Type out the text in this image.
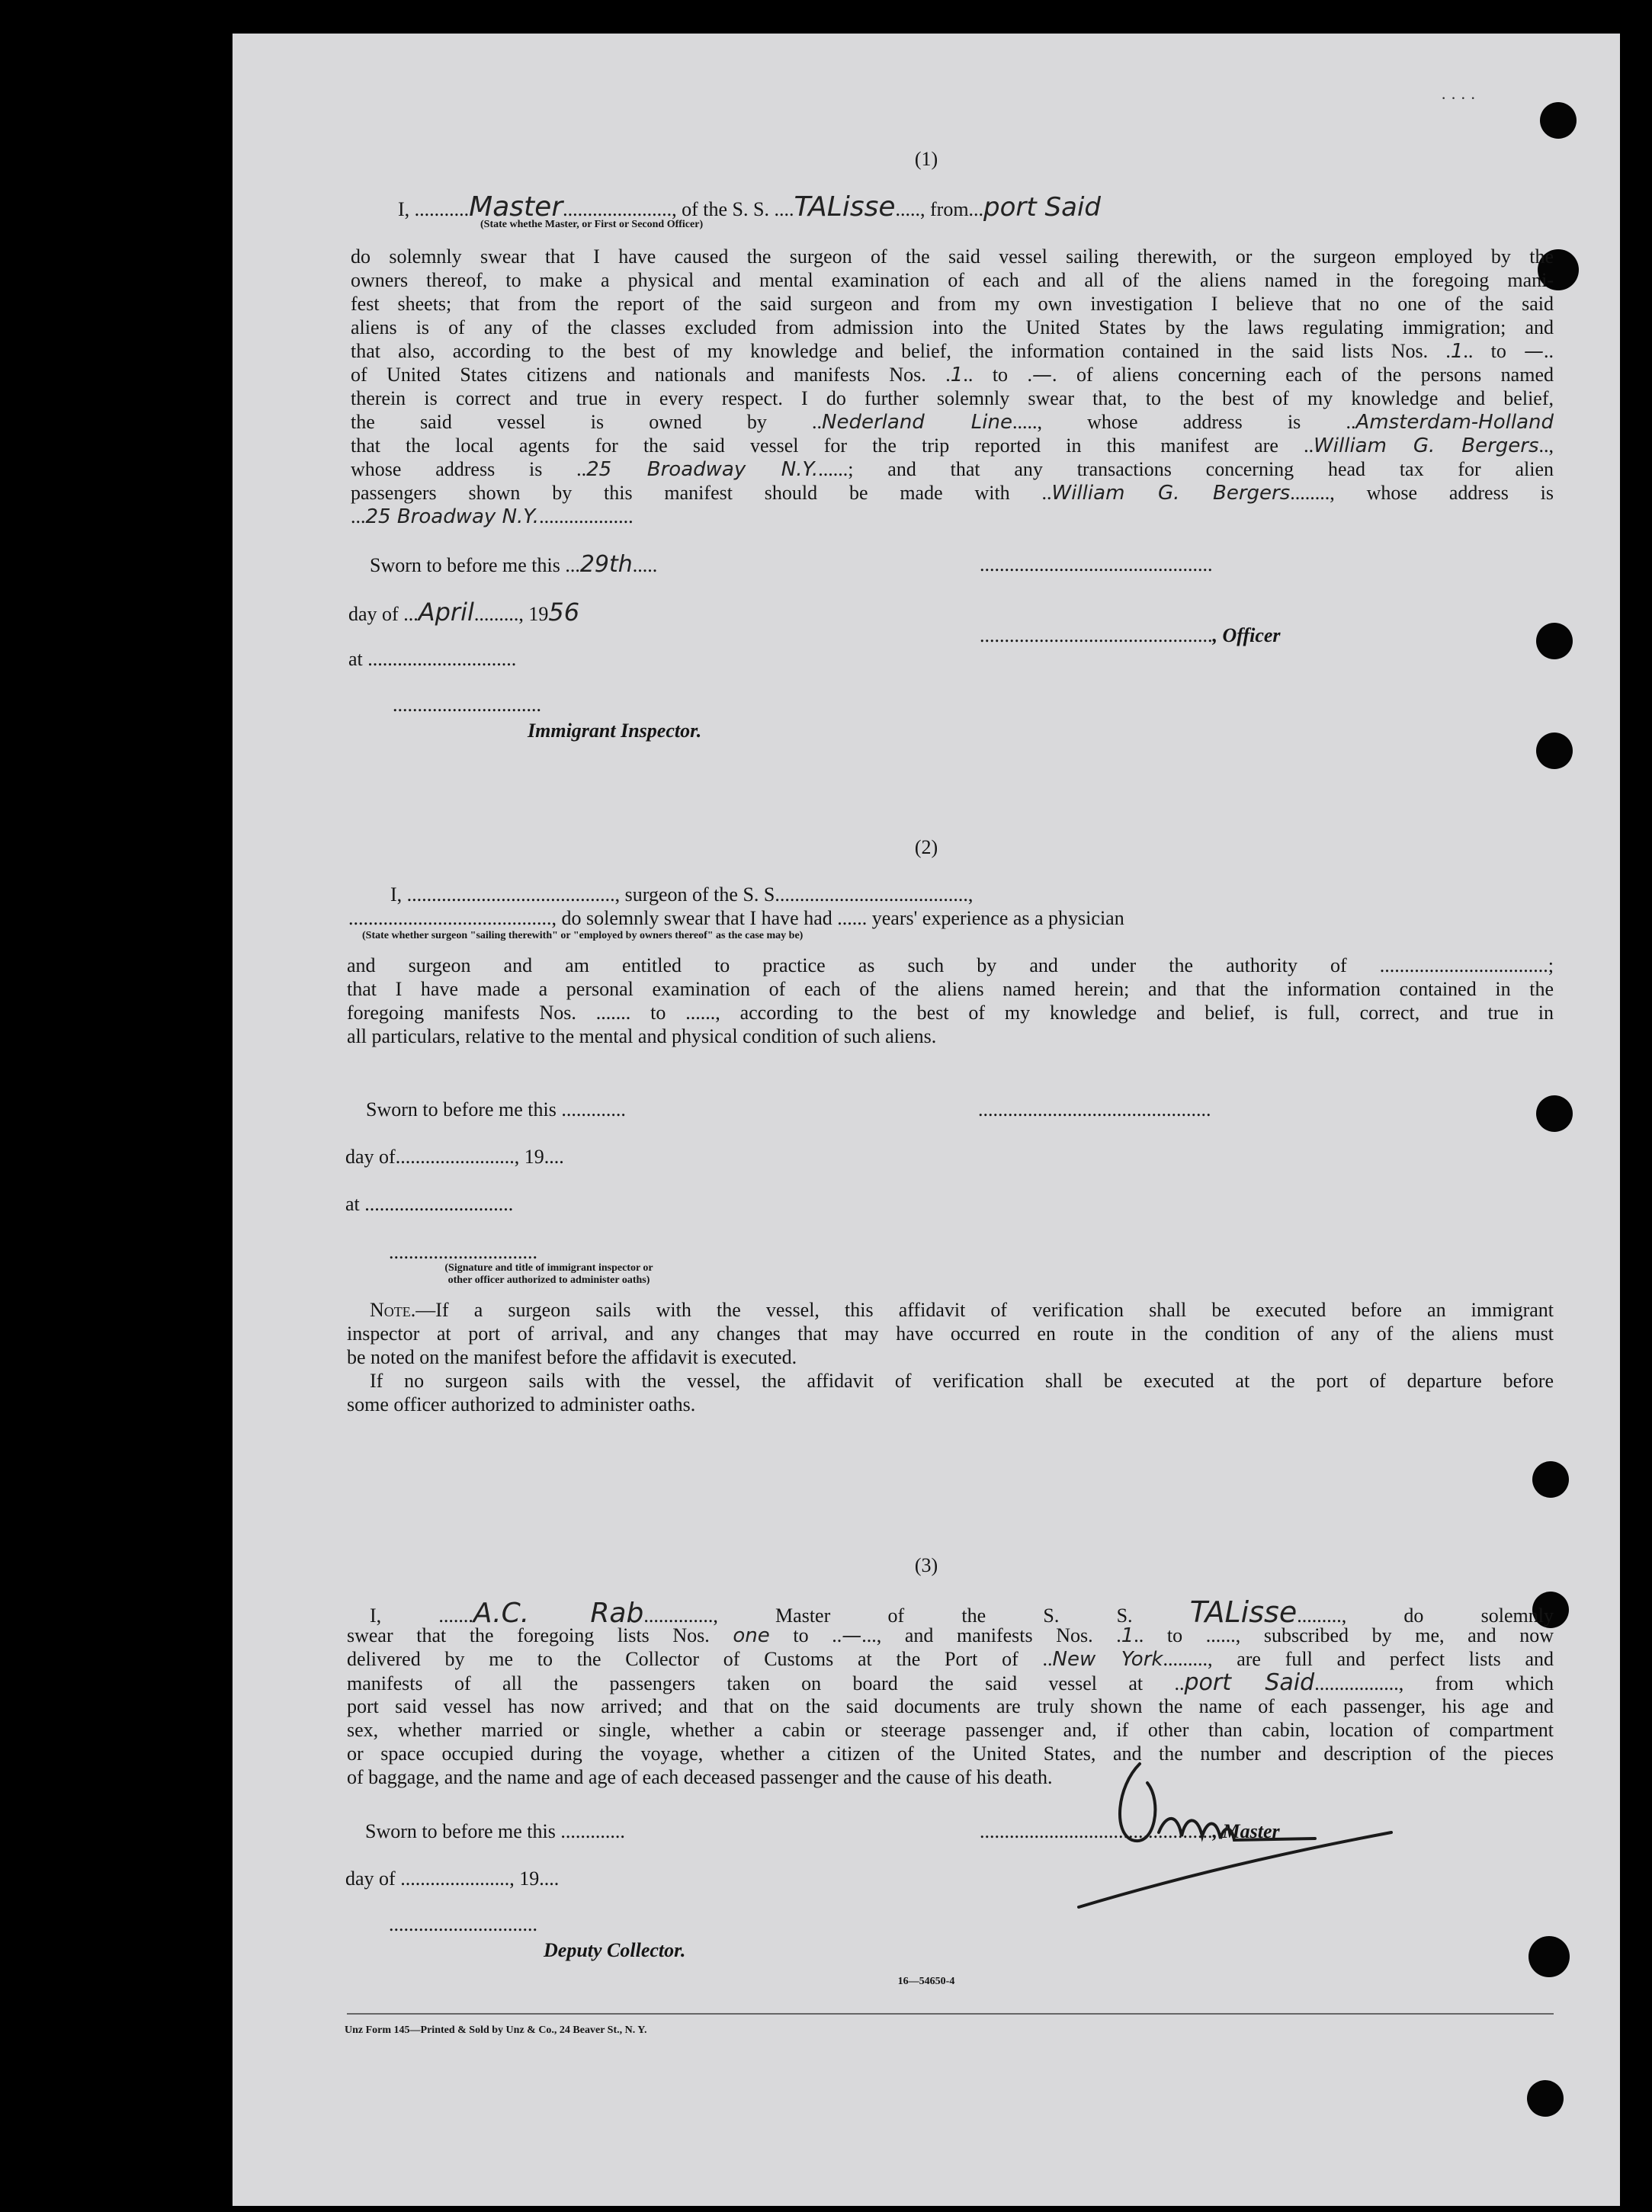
· · · ·
(1)
I, ...........Master......................, of the S. S. ....TALisse....., from...port Said
(State whethe Master, or First or Second Officer)
do solemnly swear that I have caused the surgeon of the said vessel sailing therewith, or the surgeon employed by the
owners thereof, to make a physical and mental examination of each and all of the aliens named in the foregoing mani-
fest sheets; that from the report of the said surgeon and from my own investigation I believe that no one of the said
aliens is of any of the classes excluded from admission into the United States by the laws regulating immigration; and
that also, according to the best of my knowledge and belief, the information contained in the said lists Nos. .1.. to —..
of United States citizens and nationals and manifests Nos. .1.. to .—. of aliens concerning each of the persons named
therein is correct and true in every respect. I do further solemnly swear that, to the best of my knowledge and belief,
the said vessel is owned by ..Nederland Line....., whose address is ..Amsterdam-Holland
that the local agents for the said vessel for the trip reported in this manifest are ..William G. Bergers..,
whose address is ..25 Broadway N.Y.......; and that any transactions concerning head tax for alien
passengers shown by this manifest should be made with ..William G. Bergers........, whose address is
...25 Broadway N.Y....................
Sworn to before me this ...29th.....	...............................................
day of ...April........., 1956
..............................................., Officer
at ..............................
..............................
Immigrant Inspector.
(2)
I, .........................................., surgeon of the S. S.......................................,
........................................., do solemnly swear that I have had ...... years' experience as a physician
(State whether surgeon "sailing therewith" or "employed by owners thereof" as the case may be)
and surgeon and am entitled to practice as such by and under the authority of ..................................;
that I have made a personal examination of each of the aliens named herein; and that the information contained in the
foregoing manifests Nos. ....... to ......, according to the best of my knowledge and belief, is full, correct, and true in
all particulars, relative to the mental and physical condition of such aliens.
Sworn to before me this .............	...............................................
day of........................, 19....
at ..............................
..............................
(Signature and title of immigrant inspector or
other officer authorized to administer oaths)
Note.—If a surgeon sails with the vessel, this affidavit of verification shall be executed before an immigrant
inspector at port of arrival, and any changes that may have occurred en route in the condition of any of the aliens must
be noted on the manifest before the affidavit is executed.
If no surgeon sails with the vessel, the affidavit of verification shall be executed at the port of departure before
some officer authorized to administer oaths.
(3)
I,	.......A.C. Rab.............., Master of the S. S. TALisse........., do solemnly
swear that the foregoing lists Nos. one to ..—..., and manifests Nos. .1.. to ......, subscribed by me, and now
delivered by me to the Collector of Customs at the Port of ..New York........., are full and perfect lists and
manifests of all the passengers taken on board the said vessel at ..port Said................., from which
port said vessel has now arrived; and that on the said documents are truly shown the name of each passenger, his age and
sex, whether married or single, whether a cabin or steerage passenger and, if other than cabin, location of compartment
or space occupied during the voyage, whether a citizen of the United States, and the number and description of the pieces
of baggage, and the name and age of each deceased passenger and the cause of his death.
Sworn to before me this .............	..............................................., Master
day of ......................, 19....
..............................
Deputy Collector.
16—54650-4
Unz Form 145—Printed & Sold by Unz & Co., 24 Beaver St., N. Y.
